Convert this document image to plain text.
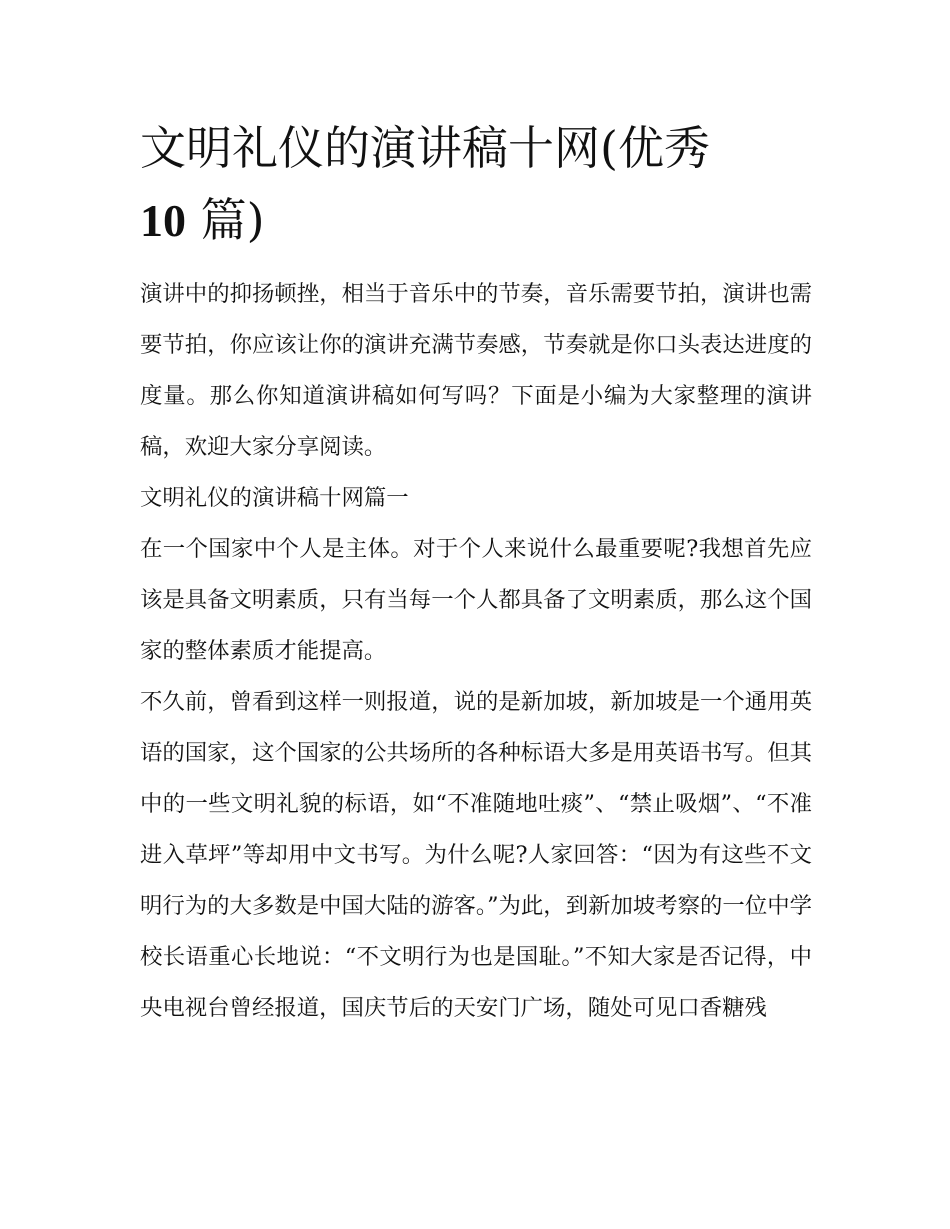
文明礼仪的演讲稿十网(优秀
10 篇)

演讲中的抑扬顿挫，相当于音乐中的节奏，音乐需要节拍，演讲也需要节拍，你应该让你的演讲充满节奏感，节奏就是你口头表达进度的度量。那么你知道演讲稿如何写吗？下面是小编为大家整理的演讲稿，欢迎大家分享阅读。

文明礼仪的演讲稿十网篇一

在一个国家中个人是主体。对于个人来说什么最重要呢?我想首先应该是具备文明素质，只有当每一个人都具备了文明素质，那么这个国家的整体素质才能提高。

不久前，曾看到这样一则报道，说的是新加坡，新加坡是一个通用英语的国家，这个国家的公共场所的各种标语大多是用英语书写。但其中的一些文明礼貌的标语，如“不准随地吐痰”、“禁止吸烟”、“不准进入草坪”等却用中文书写。为什么呢?人家回答：“因为有这些不文明行为的大多数是中国大陆的游客。”为此，到新加坡考察的一位中学校长语重心长地说：“不文明行为也是国耻。”不知大家是否记得，中央电视台曾经报道，国庆节后的天安门广场，随处可见口香糖残
